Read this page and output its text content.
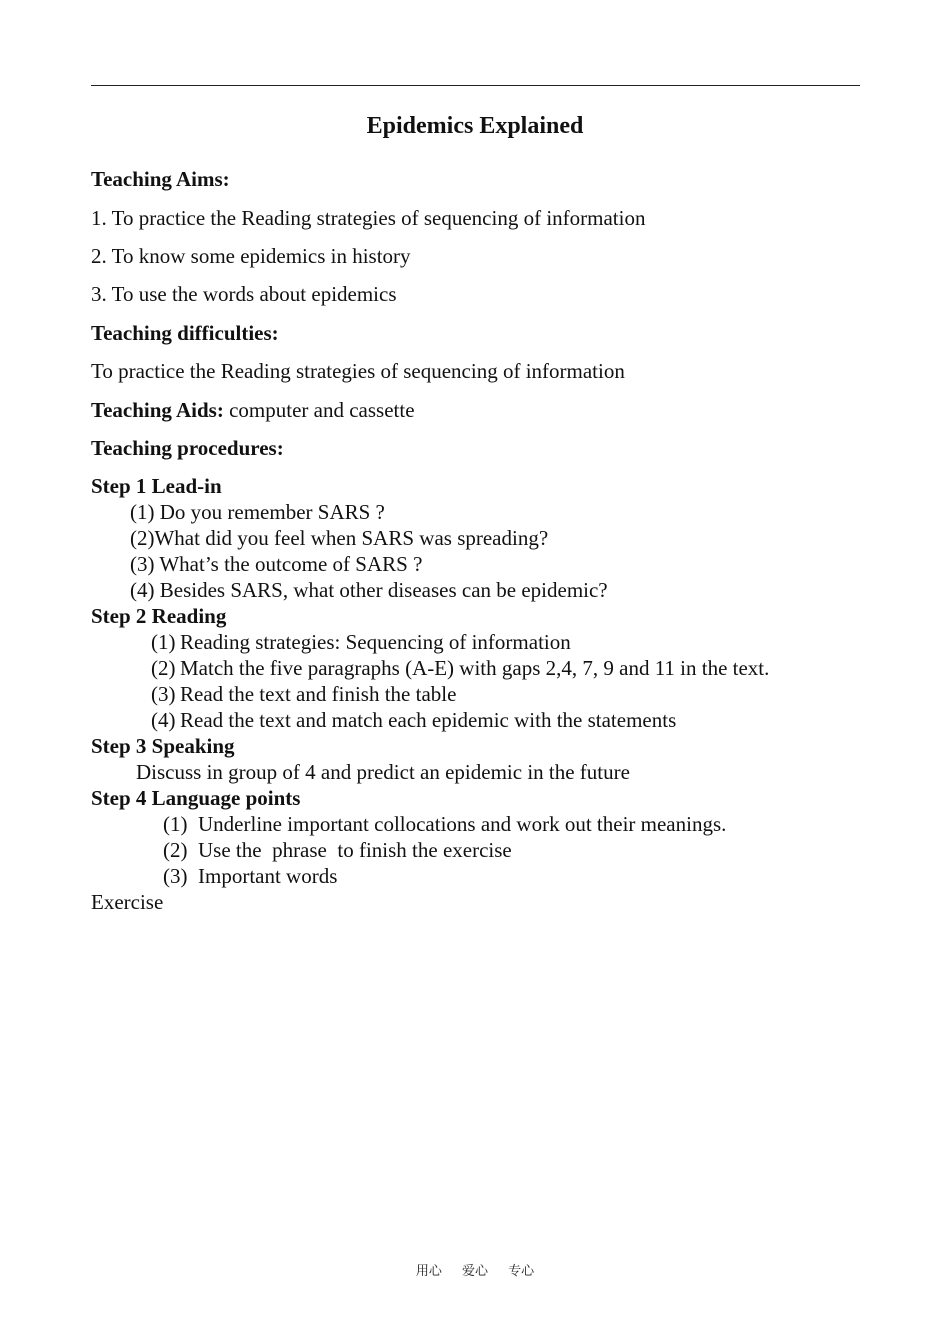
Epidemics Explained
Teaching Aims:
1. To practice the Reading strategies of sequencing of information
2. To know some epidemics in history
3. To use the words about epidemics
Teaching difficulties:
To practice the Reading strategies of sequencing of information
Teaching Aids: computer and cassette
Teaching procedures:
Step 1 Lead-in
(1) Do you remember SARS ?
(2)What did you feel when SARS was spreading?
(3) What’s the outcome of SARS ?
(4) Besides SARS, what other diseases can be epidemic?
Step 2 Reading
(1) Reading strategies: Sequencing of information
(2) Match the five paragraphs (A-E) with gaps 2,4, 7, 9 and 11 in the text.
(3) Read the text and finish the table
(4) Read the text and match each epidemic with the statements
Step 3 Speaking
Discuss in group of 4 and predict an epidemic in the future
Step 4 Language points
(1) Underline important collocations and work out their meanings.
(2) Use the  phrase  to finish the exercise
(3) Important words
Exercise
用心 爱心 专心
